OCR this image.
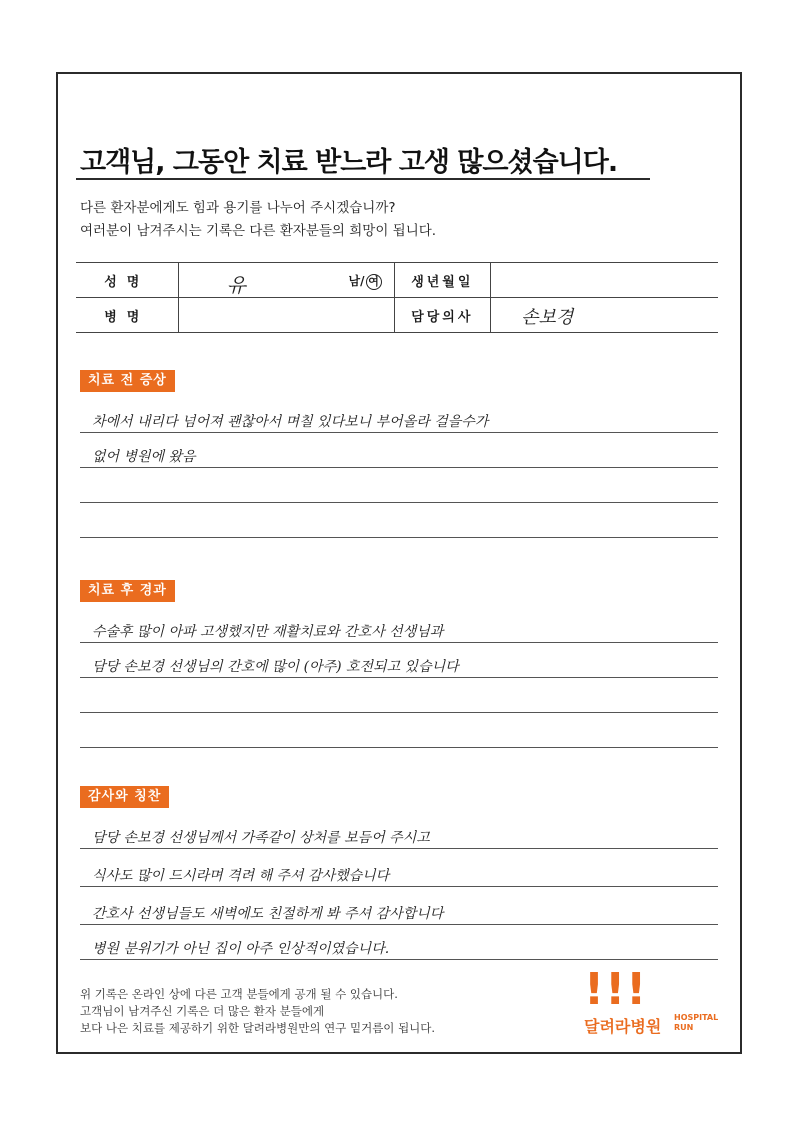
고객님, 그동안 치료 받느라 고생 많으셨습니다.
다른 환자분에게도 힘과 용기를 나누어 주시겠습니까?
여러분이 남겨주시는 기록은 다른 환자분들의 희망이 됩니다.
성명	유 남/ 여	생년월일	
병명		담당의사	손보경
치료 전 증상
차에서 내리다 넘어져 괜찮아서 며칠 있다보니 부어올라 걸을수가
없어 병원에 왔음
치료 후 경과
수술후 많이 아파 고생했지만 재활치료와 간호사 선생님과
담당 손보경 선생님의 간호에 많이 (아주) 호전되고 있습니다
감사와 칭찬
담당 손보경 선생님께서 가족같이 상처를 보듬어 주시고
식사도 많이 드시라며 격려 해 주셔 감사했습니다
간호사 선생님들도 새벽에도 친절하게 봐 주셔 감사합니다
병원 분위기가 아닌 집이 아주 인상적이였습니다.
위 기록은 온라인 상에 다른 고객 분들에게 공개 될 수 있습니다.
고객님이 남겨주신 기록은 더 많은 환자 분들에게
보다 나은 치료를 제공하기 위한 달려라병원만의 연구 밑거름이 됩니다.
!!!
달려라병원 HOSPITAL
RUN
